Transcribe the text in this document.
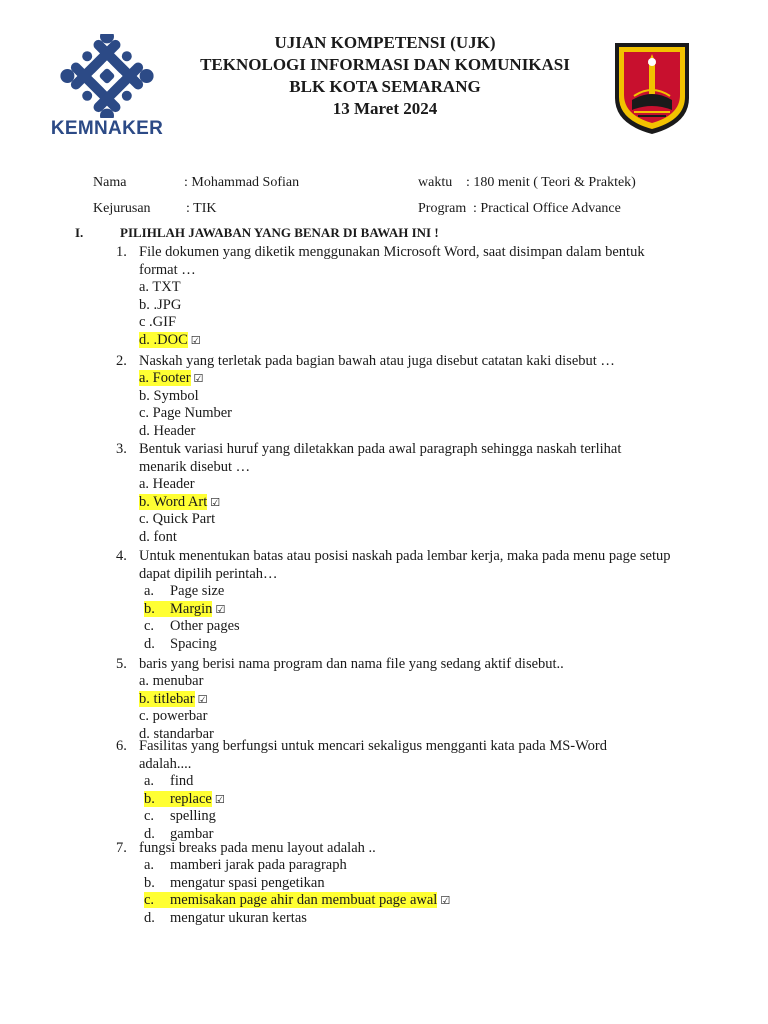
KEMNAKER
UJIAN KOMPETENSI (UJK)
TEKNOLOGI INFORMASI DAN KOMUNIKASI
BLK KOTA SEMARANG
13 Maret 2024
Nama	: Mohammad Sofian	waktu : 180 menit ( Teori & Praktek)
Kejurusan	: TIK	Program : Practical Office Advance
I.	PILIHLAH JAWABAN YANG BENAR DI BAWAH INI !
1. File dokumen yang diketik menggunakan Microsoft Word, saat disimpan dalam bentuk format …
a. TXT
b. .JPG
c .GIF
d. .DOC ☑
2. Naskah yang terletak pada bagian bawah atau juga disebut catatan kaki disebut …
a. Footer ☑
b. Symbol
c. Page Number
d. Header
3. Bentuk variasi huruf yang diletakkan pada awal paragraph sehingga naskah terlihat menarik disebut …
a. Header
b. Word Art ☑
c. Quick Part
d. font
4. Untuk menentukan batas atau posisi naskah pada lembar kerja, maka pada menu page setup dapat dipilih perintah…
a. Page size
b. Margin ☑
c. Other pages
d. Spacing
5. baris yang berisi nama program dan nama file yang sedang aktif disebut..
a. menubar
b. titlebar ☑
c. powerbar
d. standarbar
6. Fasilitas yang berfungsi untuk mencari sekaligus mengganti kata pada MS-Word adalah....
a. find
b. replace ☑
c. spelling
d. gambar
7. fungsi breaks pada menu layout adalah ..
a. mamberi jarak pada paragraph
b. mengatur spasi pengetikan
c. memisakan page ahir dan membuat page awal ☑
d. mengatur ukuran kertas
